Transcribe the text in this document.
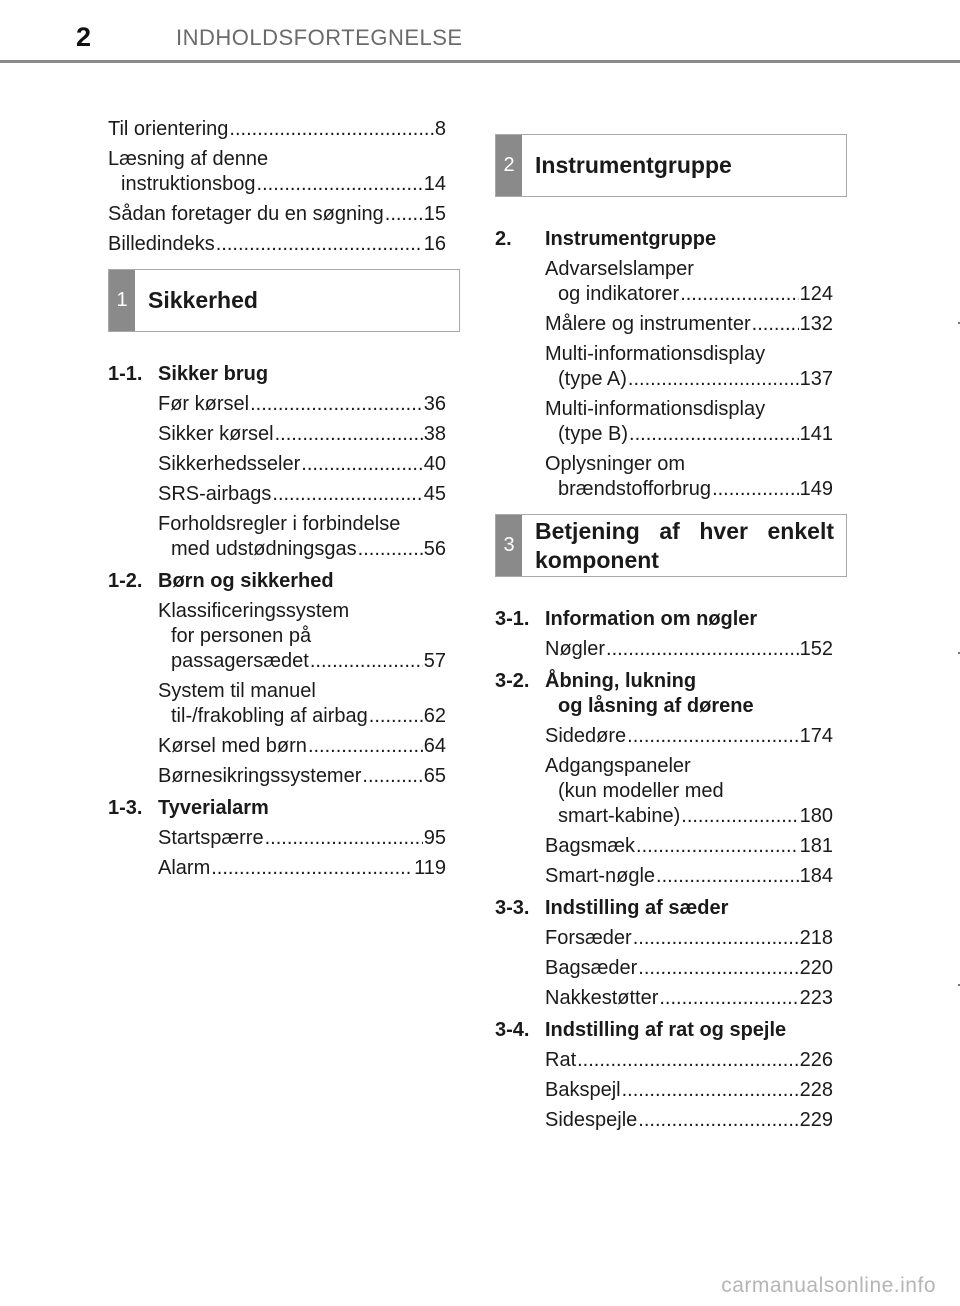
2	INDHOLDSFORTEGNELSE
Til orientering .....	8
Læsning af denne
instruktionsbog .....	14
Sådan foretager du en søgning ..... 15
Billedindeks .....	16
1 Sikkerhed
1-1. Sikker brug
Før kørsel .....	36
Sikker kørsel .....	38
Sikkerhedsseler .....	40
SRS-airbags .....	45
Forholdsregler i forbindelse
med udstødningsgas .....	56
1-2. Børn og sikkerhed
Klassificeringssystem
for personen på
passagersædet .....	57
System til manuel
til-/frakobling af airbag .....	62
Kørsel med børn .....	64
Børnesikringssystemer .....	65
1-3. Tyverialarm
Startspærre .....	95
Alarm .....	119
2 Instrumentgruppe
2.	Instrumentgruppe
Advarselslamper
og indikatorer .....	124
Målere og instrumenter ..... 132
Multi-informationsdisplay
(type A) .....	137
Multi-informationsdisplay
(type B) .....	141
Oplysninger om
brændstofforbrug .....	149
3
Betjening af hver enkelt komponent
3-1. Information om nøgler
Nøgler .....	152
3-2. Åbning, lukning
og låsning af dørene
Sidedøre .....	174
Adgangspaneler
(kun modeller med
smart-kabine) .....	180
Bagsmæk .....	181
Smart-nøgle .....	184
3-3. Indstilling af sæder
Forsæder .....	218
Bagsæder .....	220
Nakkestøtter .....	223
3-4. Indstilling af rat og spejle
Rat .....	226
Bakspejl .....	228
Sidespejle .....	229
carmanualsonline.info
